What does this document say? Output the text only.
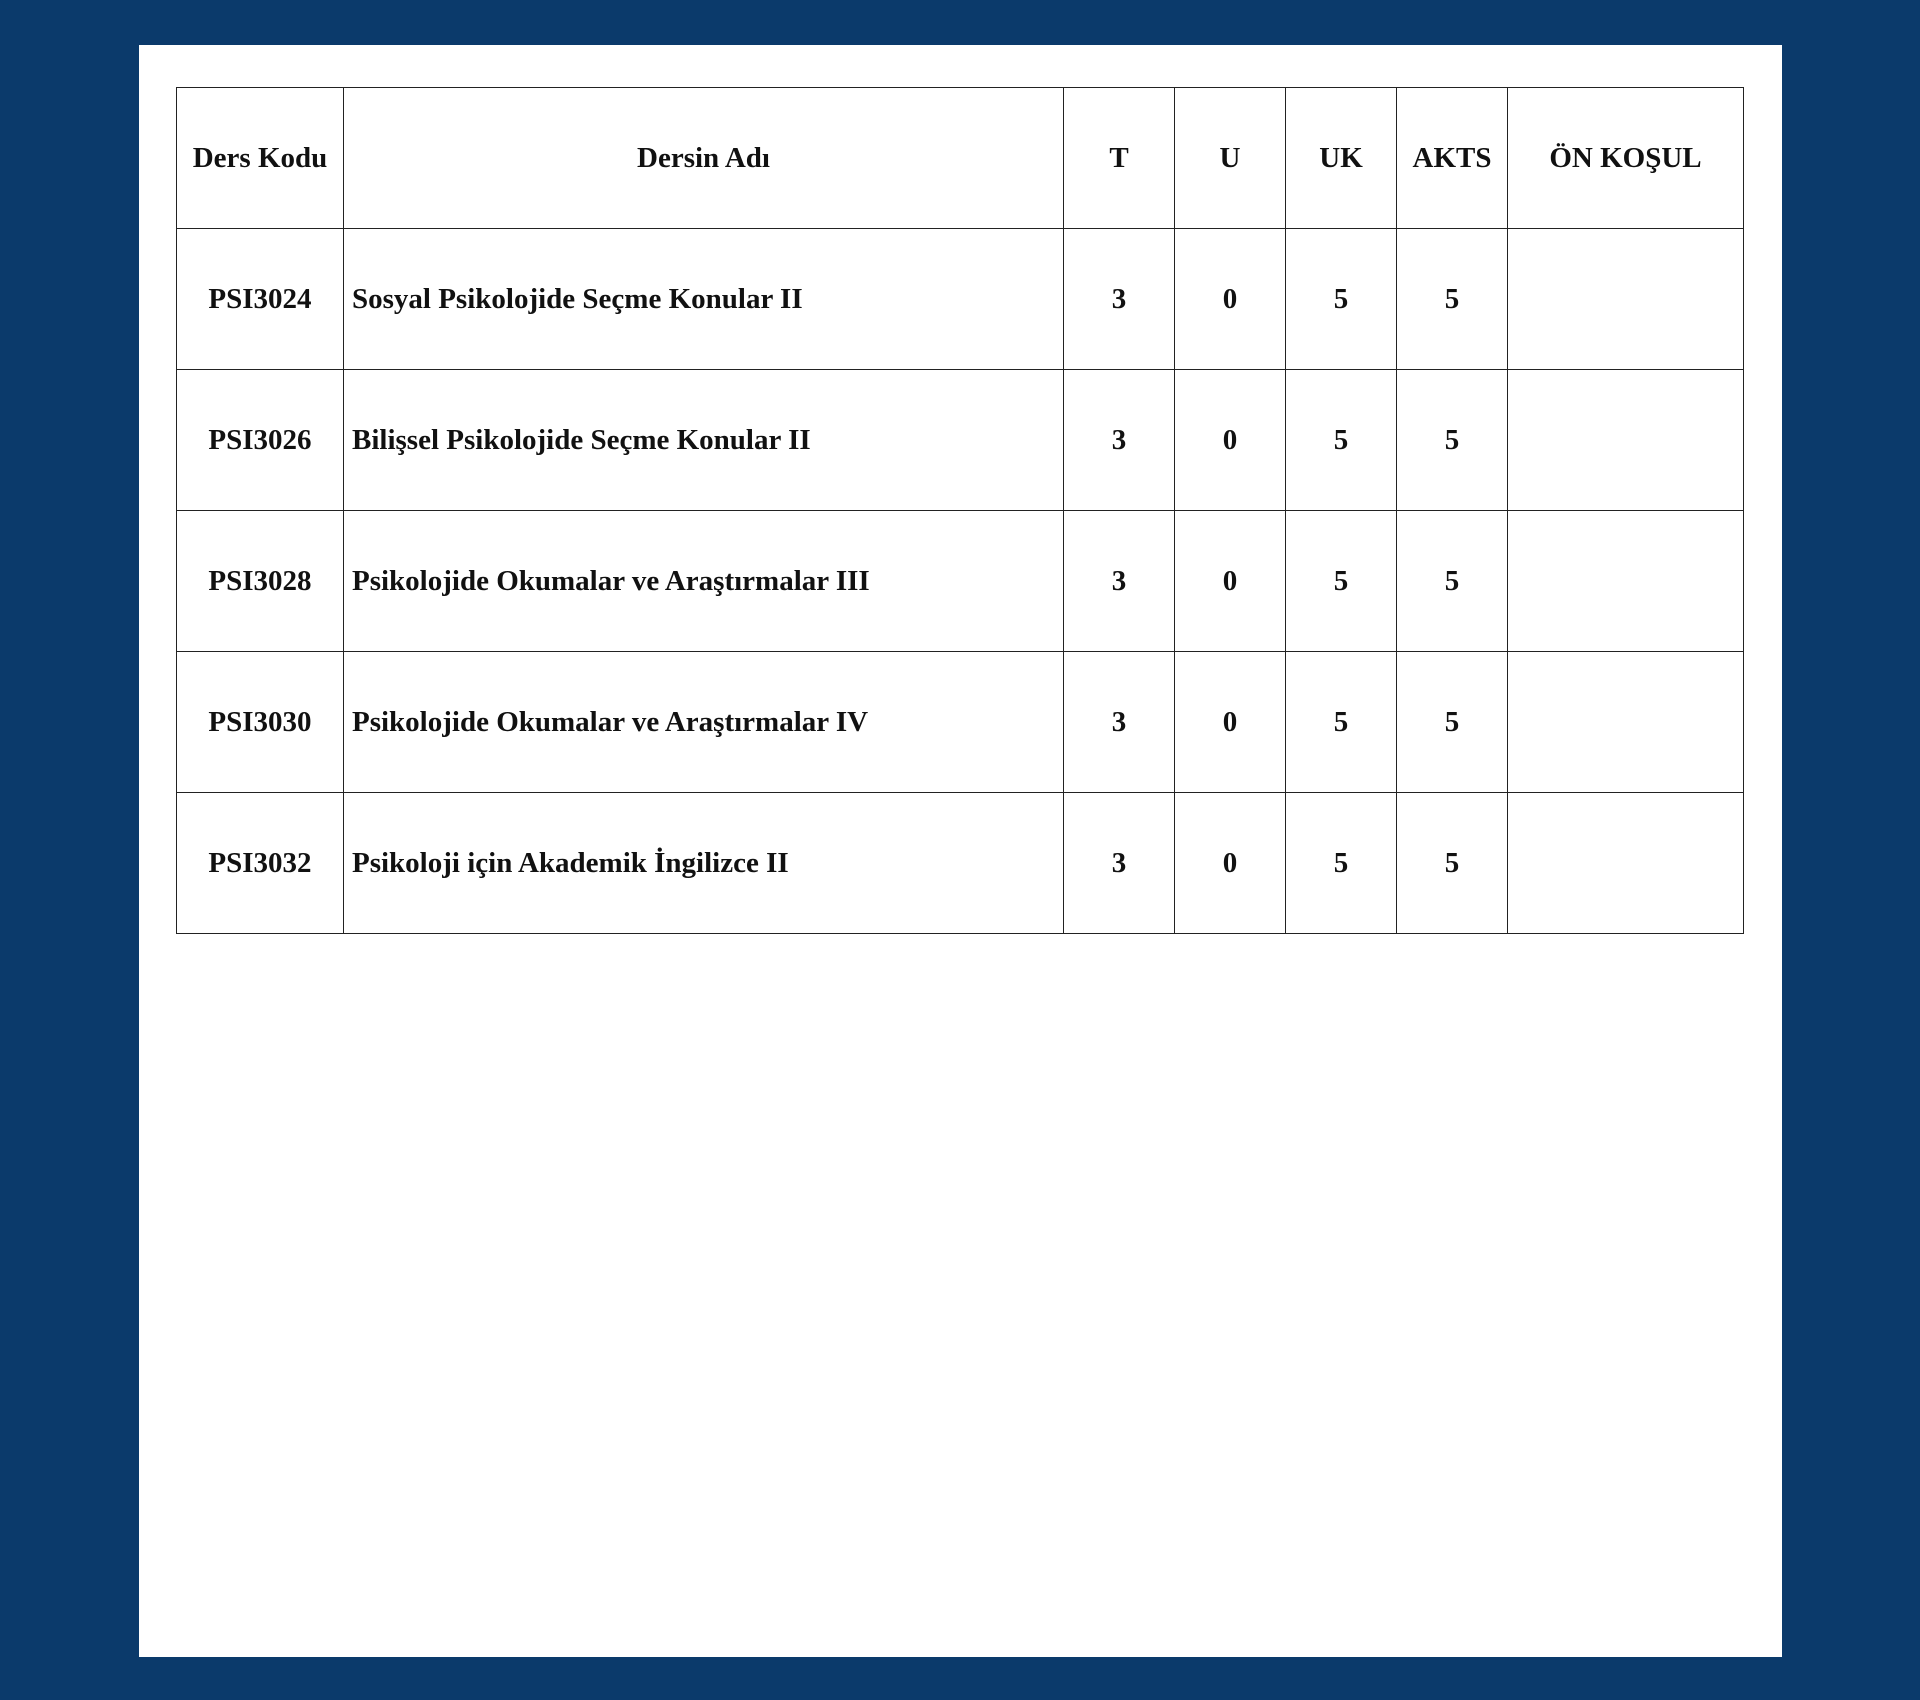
Ders Kodu	Dersin Adı	T	U	UK	AKTS	ÖN KOŞUL
PSI3024	Sosyal Psikolojide Seçme Konular II	3	0	5	5	
PSI3026	Bilişsel Psikolojide Seçme Konular II	3	0	5	5	
PSI3028	Psikolojide Okumalar ve Araştırmalar III	3	0	5	5	
PSI3030	Psikolojide Okumalar ve Araştırmalar IV	3	0	5	5	
PSI3032	Psikoloji için Akademik İngilizce II	3	0	5	5	
